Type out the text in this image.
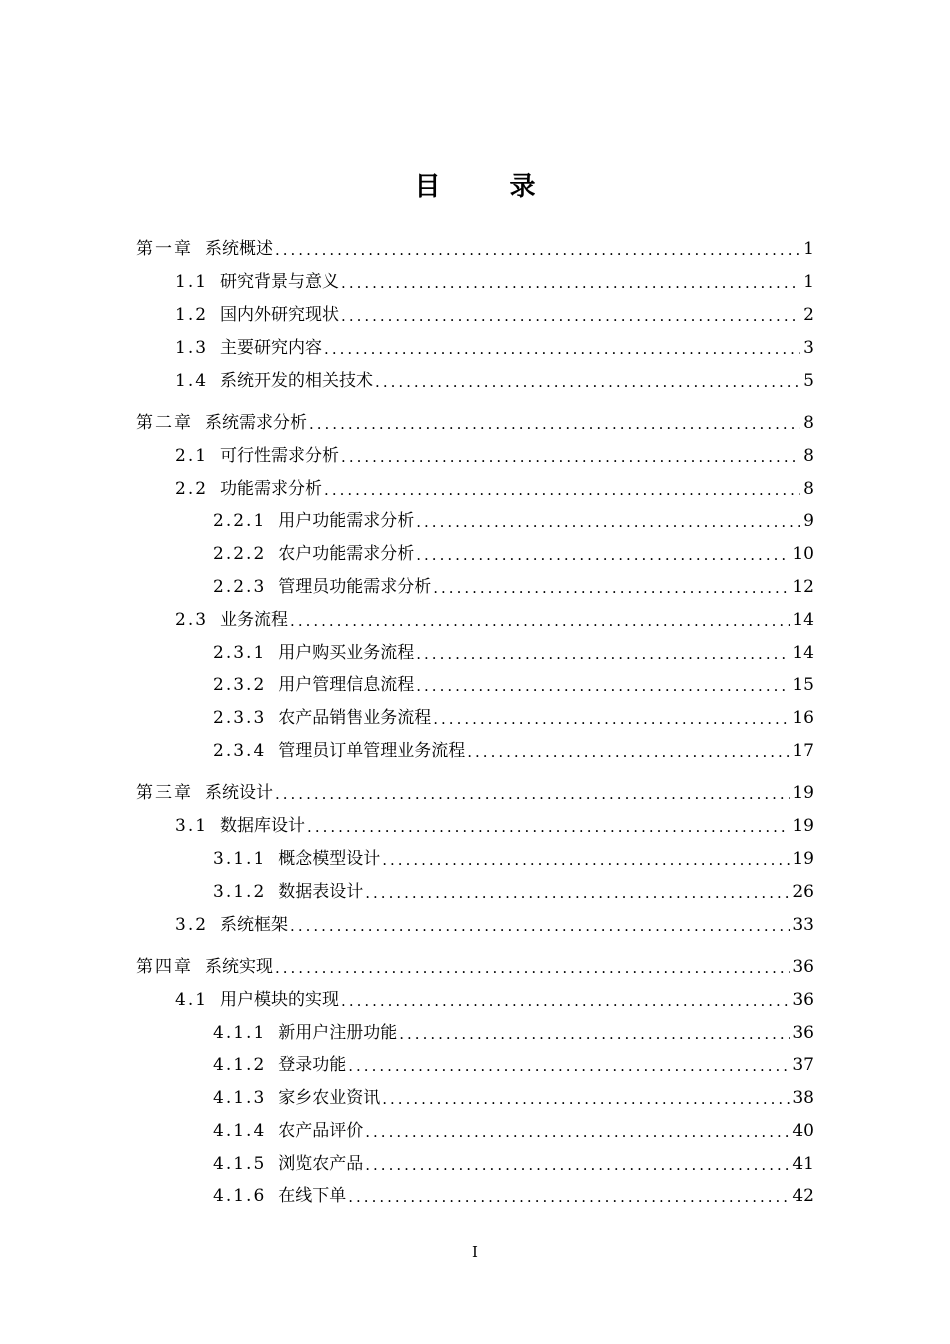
目 录
第一章 系统概述 .....	1
1.1 研究背景与意义 .....	1
1.2 国内外研究现状 .....	2
1.3 主要研究内容 .....	3
1.4 系统开发的相关技术 .....	5
第二章 系统需求分析 .....	8
2.1 可行性需求分析 .....	8
2.2 功能需求分析 .....	8
2.2.1 用户功能需求分析 .....	9
2.2.2 农户功能需求分析 .....	10
2.2.3 管理员功能需求分析 .....	12
2.3 业务流程 .....	14
2.3.1 用户购买业务流程 .....	14
2.3.2 用户管理信息流程 .....	15
2.3.3 农产品销售业务流程 .....	16
2.3.4 管理员订单管理业务流程 .....	17
第三章 系统设计 .....	19
3.1 数据库设计 .....	19
3.1.1 概念模型设计 .....	19
3.1.2 数据表设计 .....	26
3.2 系统框架 .....	33
第四章 系统实现 .....	36
4.1 用户模块的实现 .....	36
4.1.1 新用户注册功能 .....	36
4.1.2 登录功能 .....	37
4.1.3 家乡农业资讯 .....	38
4.1.4 农产品评价 .....	40
4.1.5 浏览农产品 .....	41
4.1.6 在线下单 .....	42
I
